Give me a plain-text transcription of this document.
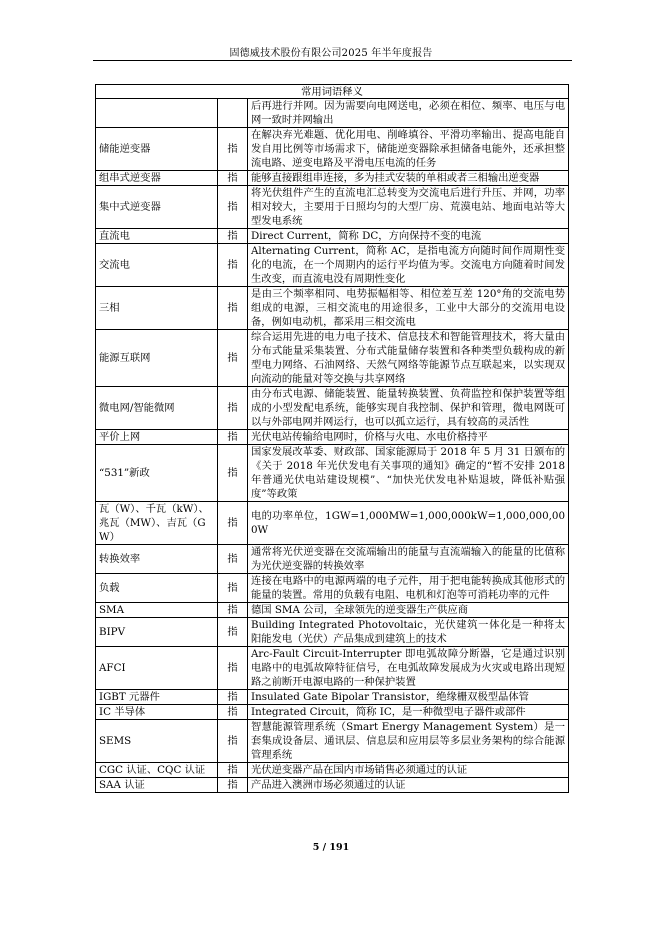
固德威技术股份有限公司2025 年半年度报告
常用词语释义		
		后再进行并网。因为需要向电网送电，必须在相位、频率、电压与电网一致时并网输出
储能逆变器	指	在解决弃光难题、优化用电、削峰填谷、平滑功率输出、提高电能自发自用比例等市场需求下，储能逆变器除承担储备电能外，还承担整流电路、逆变电路及平滑电压电流的任务
组串式逆变器	指	能够直接跟组串连接，多为挂式安装的单相或者三相输出逆变器
集中式逆变器	指	将光伏组件产生的直流电汇总转变为交流电后进行升压、并网，功率相对较大，主要用于日照均匀的大型厂房、荒漠电站、地面电站等大型发电系统
直流电	指	Direct Current，简称 DC，方向保持不变的电流
交流电	指	Alternating Current，简称 AC，是指电流方向随时间作周期性变化的电流，在一个周期内的运行平均值为零。交流电方向随着时间发生改变，而直流电没有周期性变化
三相	指	是由三个频率相同、电势振幅相等、相位差互差 120°角的交流电势组成的电源，三相交流电的用途很多，工业中大部分的交流用电设备，例如电动机，都采用三相交流电
能源互联网	指	综合运用先进的电力电子技术、信息技术和智能管理技术，将大量由分布式能量采集装置、分布式能量储存装置和各种类型负载构成的新型电力网络、石油网络、天然气网络等能源节点互联起来，以实现双向流动的能量对等交换与共享网络
微电网/智能微网	指	由分布式电源、储能装置、能量转换装置、负荷监控和保护装置等组成的小型发配电系统，能够实现自我控制、保护和管理，微电网既可以与外部电网并网运行，也可以孤立运行，具有较高的灵活性
平价上网	指	光伏电站传输给电网时，价格与火电、水电价格持平
“531”新政	指	国家发展改革委、财政部、国家能源局于 2018 年 5 月 31 日颁布的《关于 2018 年光伏发电有关事项的通知》确定的“暂不安排 2018 年普通光伏电站建设规模”、“加快光伏发电补贴退坡，降低补贴强度”等政策
瓦（W）、千瓦（kW）、兆瓦（MW）、吉瓦（GW）	指	电的功率单位，1GW=1,000MW=1,000,000kW=1,000,000,000W
转换效率	指	通常将光伏逆变器在交流端输出的能量与直流端输入的能量的比值称为光伏逆变器的转换效率
负载	指	连接在电路中的电源两端的电子元件，用于把电能转换成其他形式的能量的装置。常用的负载有电阻、电机和灯泡等可消耗功率的元件
SMA	指	德国 SMA 公司，全球领先的逆变器生产供应商
BIPV	指	Building Integrated Photovoltaic，光伏建筑一体化是一种将太阳能发电（光伏）产品集成到建筑上的技术
AFCI	指	Arc-Fault Circuit-Interrupter 即电弧故障分断器，它是通过识别电路中的电弧故障特征信号，在电弧故障发展成为火灾或电路出现短路之前断开电源电路的一种保护装置
IGBT 元器件	指	Insulated Gate Bipolar Transistor，绝缘栅双极型晶体管
IC 半导体	指	Integrated Circuit，简称 IC，是一种微型电子器件或部件
SEMS	指	智慧能源管理系统（Smart Energy Management System）是一套集成设备层、通讯层、信息层和应用层等多层业务架构的综合能源管理系统
CGC 认证、CQC 认证	指	光伏逆变器产品在国内市场销售必须通过的认证
SAA 认证	指	产品进入澳洲市场必须通过的认证
5 / 191
